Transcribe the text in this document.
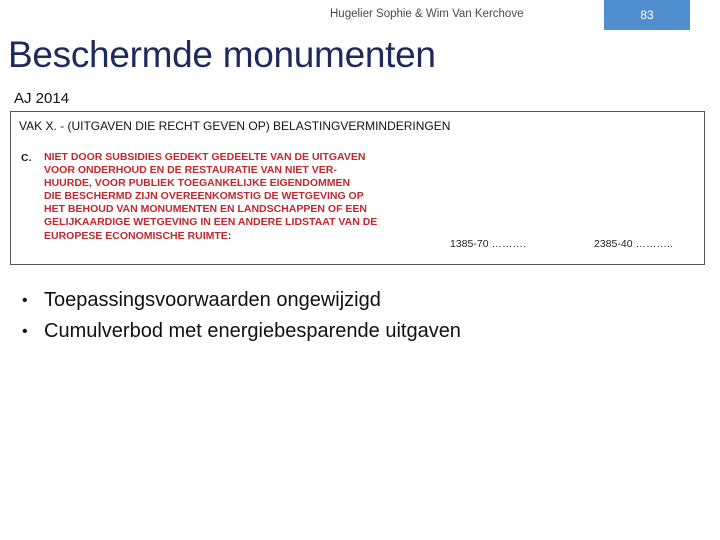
Hugelier Sophie & Wim Van Kerchove	83
Beschermde monumenten
AJ 2014
VAK X. - (UITGAVEN DIE RECHT GEVEN OP) BELASTINGVERMINDERINGEN
C. NIET DOOR SUBSIDIES GEDEKT GEDEELTE VAN DE UITGAVEN
VOOR ONDERHOUD EN DE RESTAURATIE VAN NIET VER-
HUURDE, VOOR PUBLIEK TOEGANKELIJKE EIGENDOMMEN
DIE BESCHERMD ZIJN OVEREENKOMSTIG DE WETGEVING OP
HET BEHOUD VAN MONUMENTEN EN LANDSCHAPPEN OF EEN
GELIJKAARDIGE WETGEVING IN EEN ANDERE LIDSTAAT VAN DE
EUROPESE ECONOMISCHE RUIMTE:
1385-70 ……….	2385-40 ………..
• Toepassingsvoorwaarden ongewijzigd
• Cumulverbod met energiebesparende uitgaven
